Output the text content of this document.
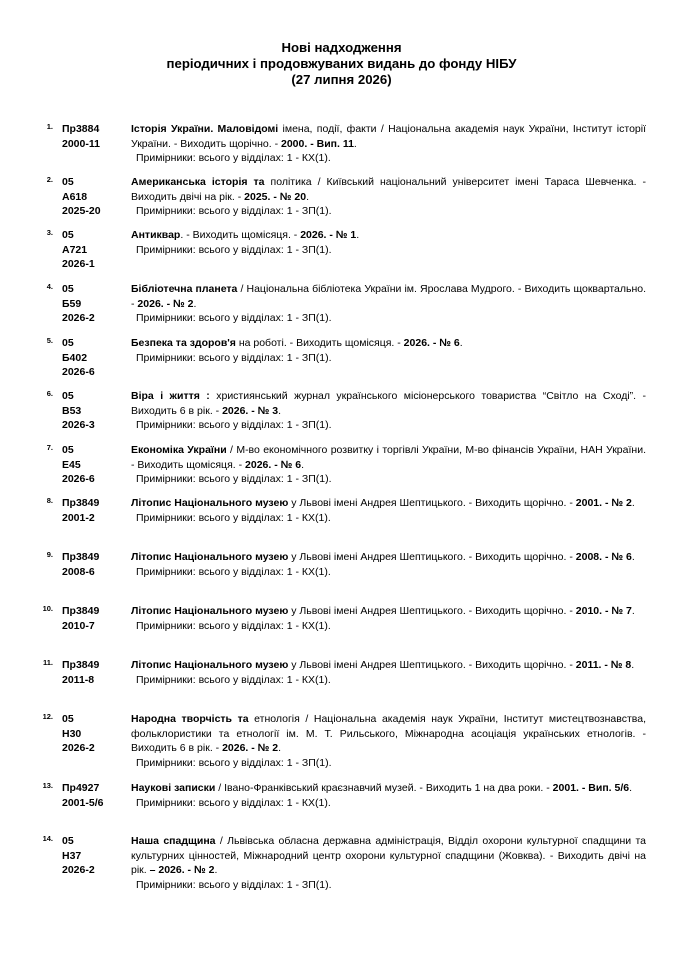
Нові надходження
періодичних і продовжуваних видань до фонду НІБУ
(27 липня 2026)
1. Пр3884
2000-11
Історія України. Маловідомі імена, події, факти / Національна академія наук України, Інститут історії України. - Виходить щорічно. - 2000. - Вип. 11.
Примірники: всього у відділах: 1 - КХ(1).
2. 05
A618
2025-20
Американська історія та політика / Київський національний університет імені Тараса Шевченка. - Виходить двічі на рік. - 2025. - № 20.
Примірники: всього у відділах: 1 - ЗП(1).
3. 05
A721
2026-1
Антиквар. - Виходить щомісяця. - 2026. - № 1.
Примірники: всього у відділах: 1 - ЗП(1).
4. 05
Б59
2026-2
Бібліотечна планета / Національна бібліотека України ім. Ярослава Мудрого. - Виходить щоквартально. - 2026. - № 2.
Примірники: всього у відділах: 1 - ЗП(1).
5. 05
Б402
2026-6
Безпека та здоров'я на роботі. - Виходить щомісяця. - 2026. - № 6.
Примірники: всього у відділах: 1 - ЗП(1).
6. 05
B53
2026-3
Віра і життя : християнський журнал українського місіонерського товариства “Світло на Сході”. - Виходить 6 в рік. - 2026. - № 3.
Примірники: всього у відділах: 1 - ЗП(1).
7. 05
E45
2026-6
Економіка України / М-во економічного розвитку і торгівлі України, М-во фінансів України, НАН України. - Виходить щомісяця. - 2026. - № 6.
Примірники: всього у відділах: 1 - ЗП(1).
8. Пр3849
2001-2
Літопис Національного музею у Львові імені Андрея Шептицького. - Виходить щорічно. - 2001. - № 2.
Примірники: всього у відділах: 1 - КХ(1).
9. Пр3849
2008-6
Літопис Національного музею у Львові імені Андрея Шептицького. - Виходить щорічно. - 2008. - № 6.
Примірники: всього у відділах: 1 - КХ(1).
10. Пр3849
2010-7
Літопис Національного музею у Львові імені Андрея Шептицького. - Виходить щорічно. - 2010. - № 7.
Примірники: всього у відділах: 1 - КХ(1).
11. Пр3849
2011-8
Літопис Національного музею у Львові імені Андрея Шептицького. - Виходить щорічно. - 2011. - № 8.
Примірники: всього у відділах: 1 - КХ(1).
12. 05
H30
2026-2
Народна творчість та етнологія / Національна академія наук України, Інститут мистецтвознавства, фольклористики та етнології ім. М. Т. Рильського, Міжнародна асоціація українських етнологів. - Виходить 6 в рік. - 2026. - № 2.
Примірники: всього у відділах: 1 - ЗП(1).
13. Пр4927
2001-5/6
Наукові записки / Івано-Франківський краєзнавчий музей. - Виходить 1 на два роки. - 2001. - Вип. 5/6.
Примірники: всього у відділах: 1 - КХ(1).
14. 05
H37
2026-2
Наша спадщина / Львівська обласна державна адміністрація, Відділ охорони культурної спадщини та культурних цінностей, Міжнародний центр охорони культурної спадщини (Жовква). - Виходить двічі на рік. – 2026. - № 2.
Примірники: всього у відділах: 1 - ЗП(1).
